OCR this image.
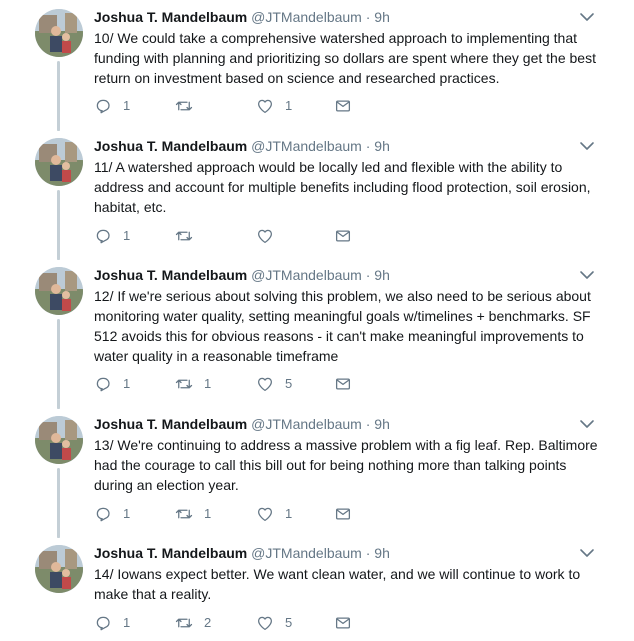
Joshua T. Mandelbaum @JTMandelbaum · 9h
10/ We could take a comprehensive watershed approach to implementing that funding with planning and prioritizing so dollars are spent where they get the best return on investment based on science and researched practices.
1	1
Joshua T. Mandelbaum @JTMandelbaum · 9h
11/ A watershed approach would be locally led and flexible with the ability to address and account for multiple benefits including flood protection, soil erosion, habitat, etc.
1
Joshua T. Mandelbaum @JTMandelbaum · 9h
12/ If we're serious about solving this problem, we also need to be serious about monitoring water quality, setting meaningful goals w/timelines + benchmarks. SF 512 avoids this for obvious reasons - it can't make meaningful improvements to water quality in a reasonable timeframe
1	1	5
Joshua T. Mandelbaum @JTMandelbaum · 9h
13/ We're continuing to address a massive problem with a fig leaf. Rep. Baltimore had the courage to call this bill out for being nothing more than talking points during an election year.
1	1	1
Joshua T. Mandelbaum @JTMandelbaum · 9h
14/ Iowans expect better. We want clean water, and we will continue to work to make that a reality.
1	2	5
